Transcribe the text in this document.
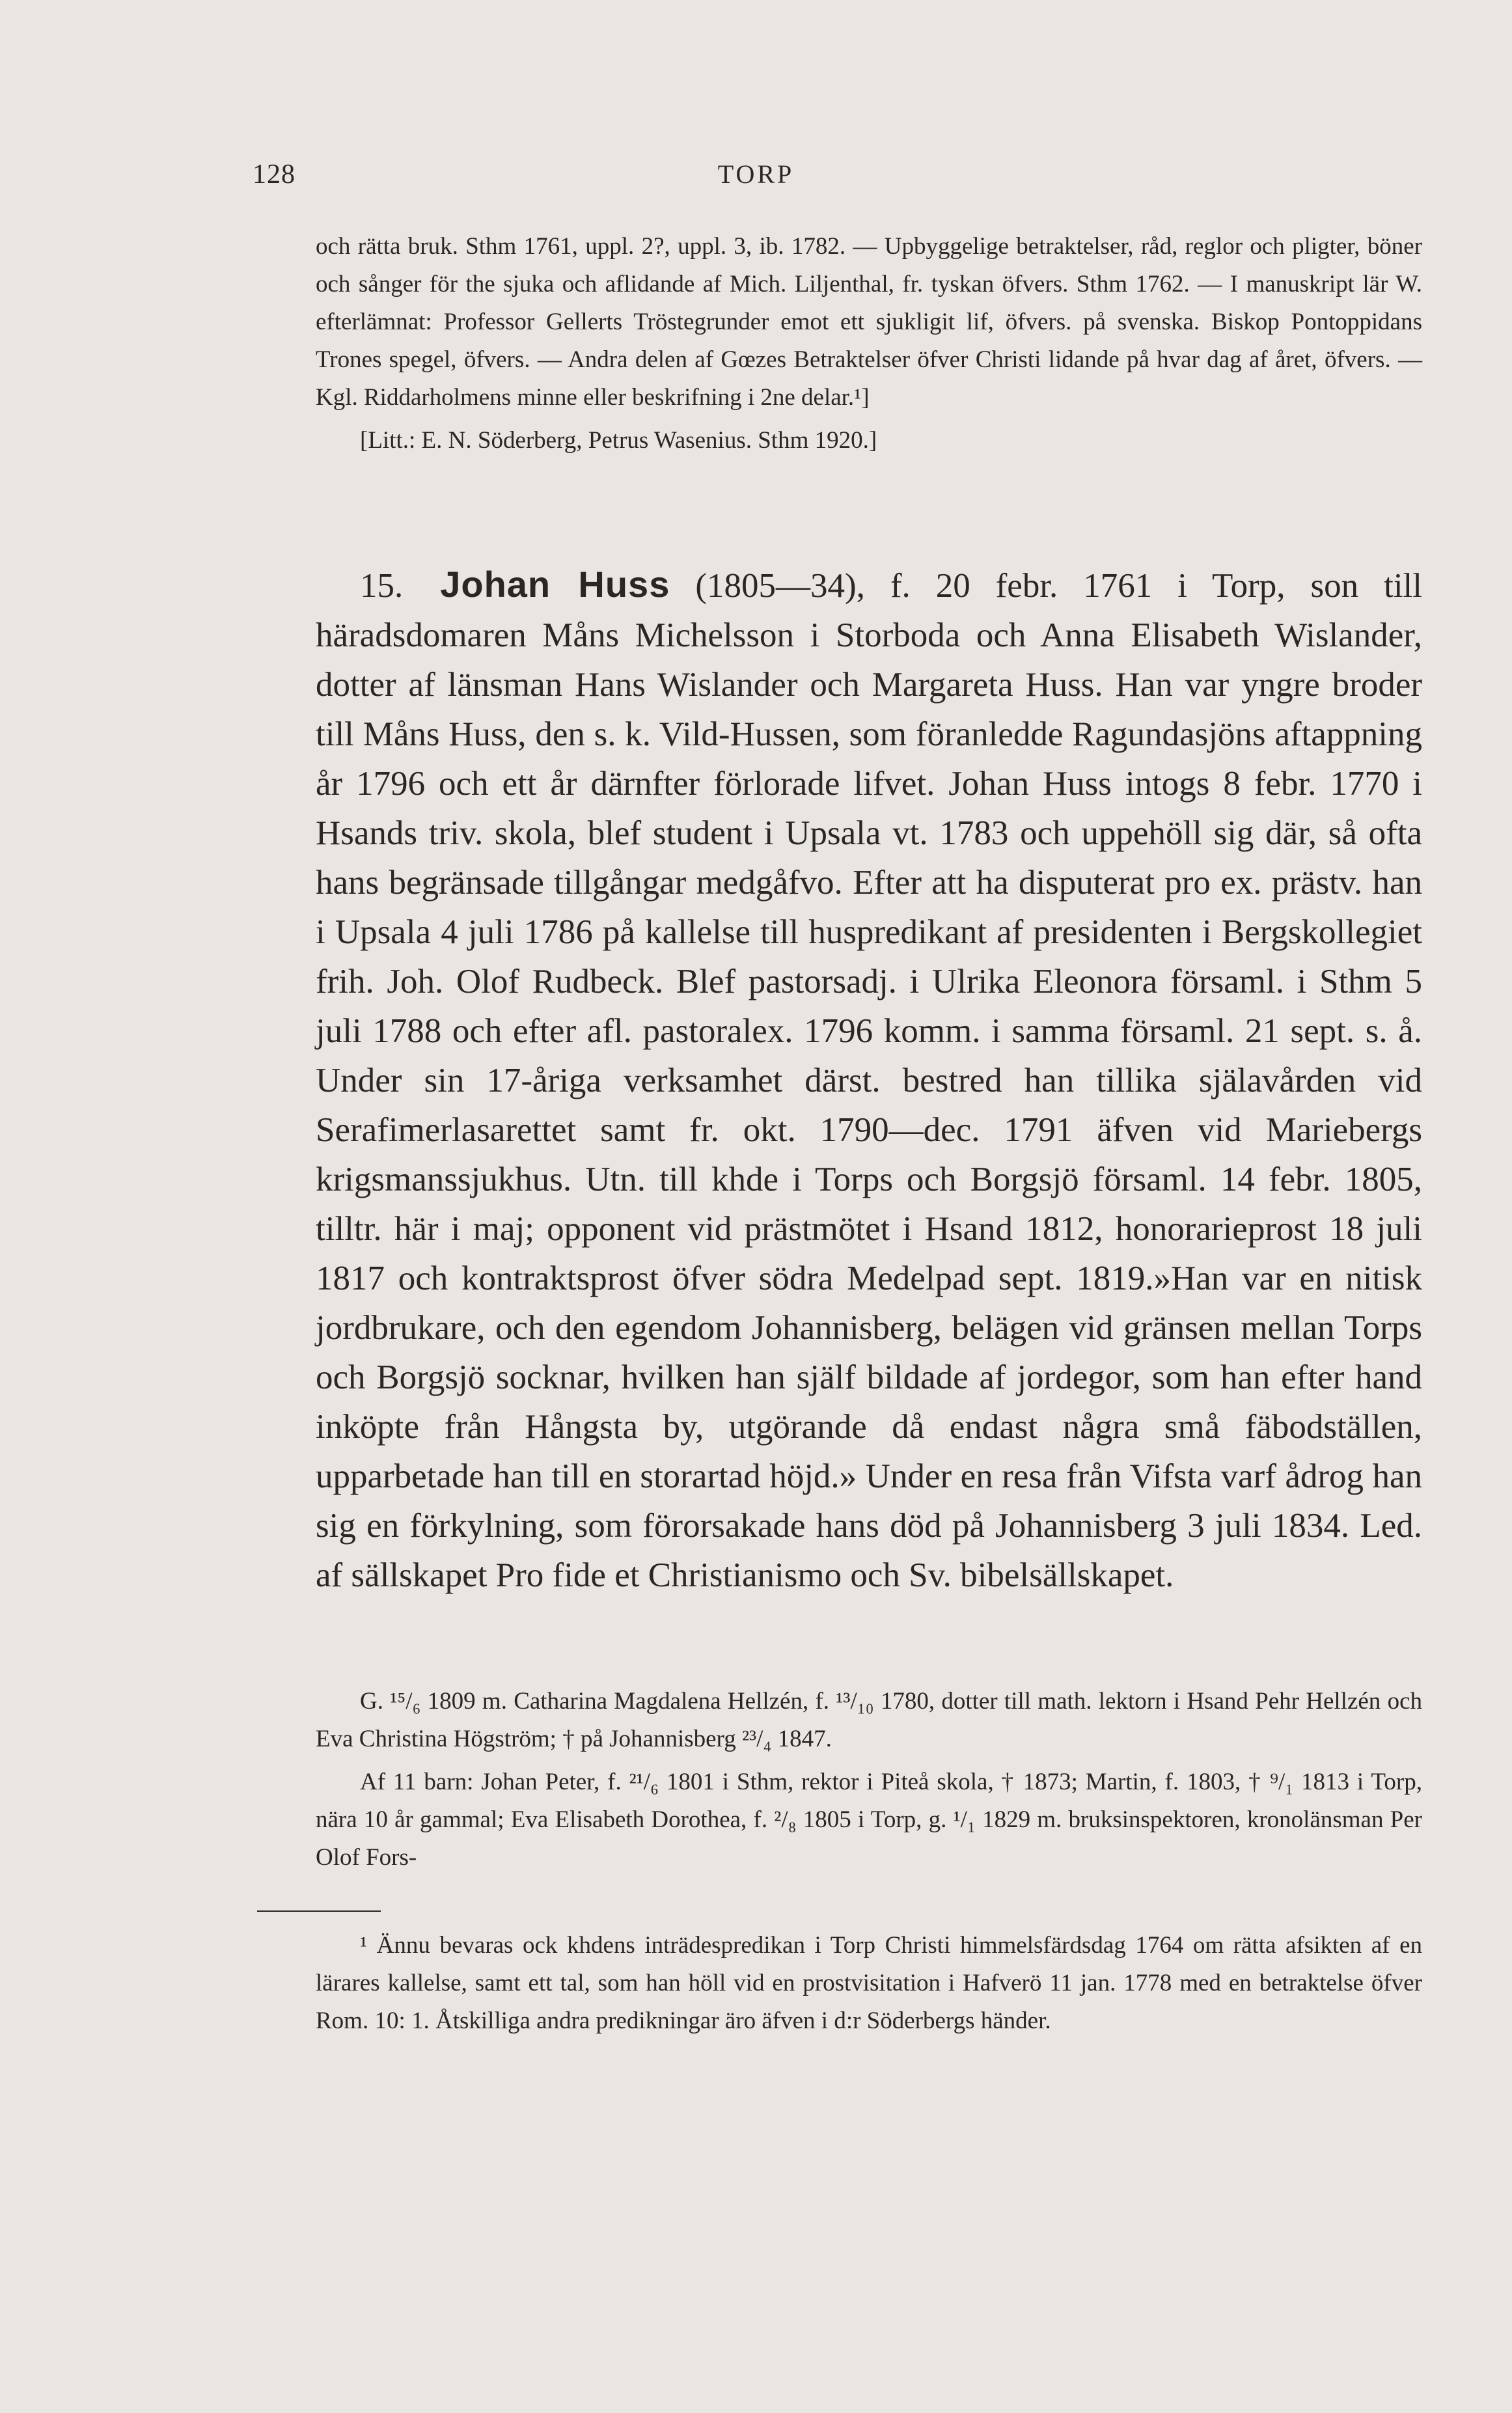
128	TORP

och rätta bruk. Sthm 1761, uppl. 2?, uppl. 3, ib. 1782. — Upbyggelige betraktelser, råd, reglor och pligter, böner och sånger för the sjuka och aflidande af Mich. Liljenthal, fr. tyskan öfvers. Sthm 1762. — I manuskript lär W. efterlämnat: Professor Gellerts Tröstegrunder emot ett sjukligit lif, öfvers. på svenska. Biskop Pontoppidans Trones spegel, öfvers. — Andra delen af Gœzes Betraktelser öfver Christi lidande på hvar dag af året, öfvers. — Kgl. Riddarholmens minne eller beskrifning i 2ne delar.¹]

[Litt.: E. N. Söderberg, Petrus Wasenius. Sthm 1920.]

15. Johan Huss (1805—34), f. 20 febr. 1761 i Torp, son till häradsdomaren Måns Michelsson i Storboda och Anna Elisabeth Wislander, dotter af länsman Hans Wislander och Margareta Huss. Han var yngre broder till Måns Huss, den s. k. Vild-Hussen, som föranledde Ragundasjöns aftappning år 1796 och ett år därnfter förlorade lifvet. Johan Huss intogs 8 febr. 1770 i Hsands triv. skola, blef student i Upsala vt. 1783 och uppehöll sig där, så ofta hans begränsade tillgångar medgåfvo. Efter att ha disputerat pro ex. prästv. han i Upsala 4 juli 1786 på kallelse till huspredikant af presidenten i Bergskollegiet frih. Joh. Olof Rudbeck. Blef pastorsadj. i Ulrika Eleonora församl. i Sthm 5 juli 1788 och efter afl. pastoralex. 1796 komm. i samma församl. 21 sept. s. å. Under sin 17-åriga verksamhet därst. bestred han tillika själavården vid Serafimerlasarettet samt fr. okt. 1790—dec. 1791 äfven vid Mariebergs krigsmanssjukhus. Utn. till khde i Torps och Borgsjö församl. 14 febr. 1805, tilltr. här i maj; opponent vid prästmötet i Hsand 1812, honorarieprost 18 juli 1817 och kontraktsprost öfver södra Medelpad sept. 1819.»Han var en nitisk jordbrukare, och den egendom Johannisberg, belägen vid gränsen mellan Torps och Borgsjö socknar, hvilken han själf bildade af jordegor, som han efter hand inköpte från Hångsta by, utgörande då endast några små fäbodställen, upparbetade han till en storartad höjd.» Under en resa från Vifsta varf ådrog han sig en förkylning, som förorsakade hans död på Johannisberg 3 juli 1834. Led. af sällskapet Pro fide et Christianismo och Sv. bibelsällskapet.

G. ¹⁵/₆ 1809 m. Catharina Magdalena Hellzén, f. ¹³/₁₀ 1780, dotter till math. lektorn i Hsand Pehr Hellzén och Eva Christina Högström; † på Johannisberg ²³/₄ 1847.

Af 11 barn: Johan Peter, f. ²¹/₆ 1801 i Sthm, rektor i Piteå skola, † 1873; Martin, f. 1803, † ⁹/₁ 1813 i Torp, nära 10 år gammal; Eva Elisabeth Dorothea, f. ²/₈ 1805 i Torp, g. ¹/₁ 1829 m. bruksinspektoren, kronolänsman Per Olof Fors-

¹ Ännu bevaras ock khdens inträdespredikan i Torp Christi himmelsfärdsdag 1764 om rätta afsikten af en lärares kallelse, samt ett tal, som han höll vid en prostvisitation i Hafverö 11 jan. 1778 med en betraktelse öfver Rom. 10: 1. Åtskilliga andra predikningar äro äfven i d:r Söderbergs händer.
